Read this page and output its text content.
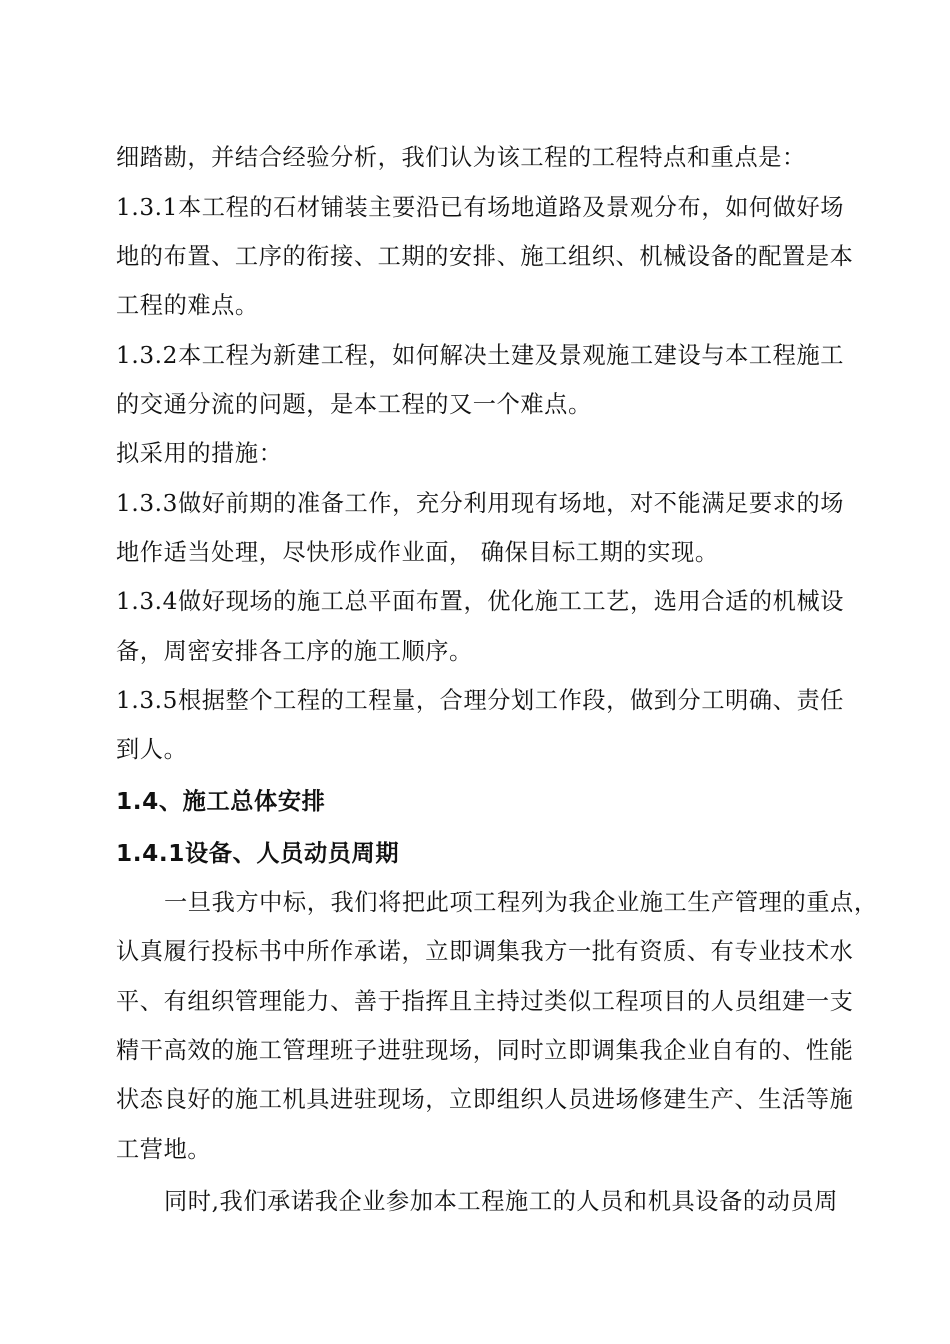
细踏勘，并结合经验分析，我们认为该工程的工程特点和重点是：
1.3.1本工程的石材铺装主要沿已有场地道路及景观分布，如何做好场
地的布置、工序的衔接、工期的安排、施工组织、机械设备的配置是本
工程的难点。
1.3.2本工程为新建工程，如何解决土建及景观施工建设与本工程施工
的交通分流的问题，是本工程的又一个难点。
拟采用的措施：
1.3.3做好前期的准备工作，充分利用现有场地，对不能满足要求的场
地作适当处理，尽快形成作业面， 确保目标工期的实现。
1.3.4做好现场的施工总平面布置，优化施工工艺，选用合适的机械设
备，周密安排各工序的施工顺序。
1.3.5根据整个工程的工程量，合理分划工作段，做到分工明确、责任
到人。
1.4、施工总体安排
1.4.1设备、人员动员周期
一旦我方中标，我们将把此项工程列为我企业施工生产管理的重点，
认真履行投标书中所作承诺，立即调集我方一批有资质、有专业技术水
平、有组织管理能力、善于指挥且主持过类似工程项目的人员组建一支
精干高效的施工管理班子进驻现场，同时立即调集我企业自有的、性能
状态良好的施工机具进驻现场，立即组织人员进场修建生产、生活等施
工营地。
同时,我们承诺我企业参加本工程施工的人员和机具设备的动员周
